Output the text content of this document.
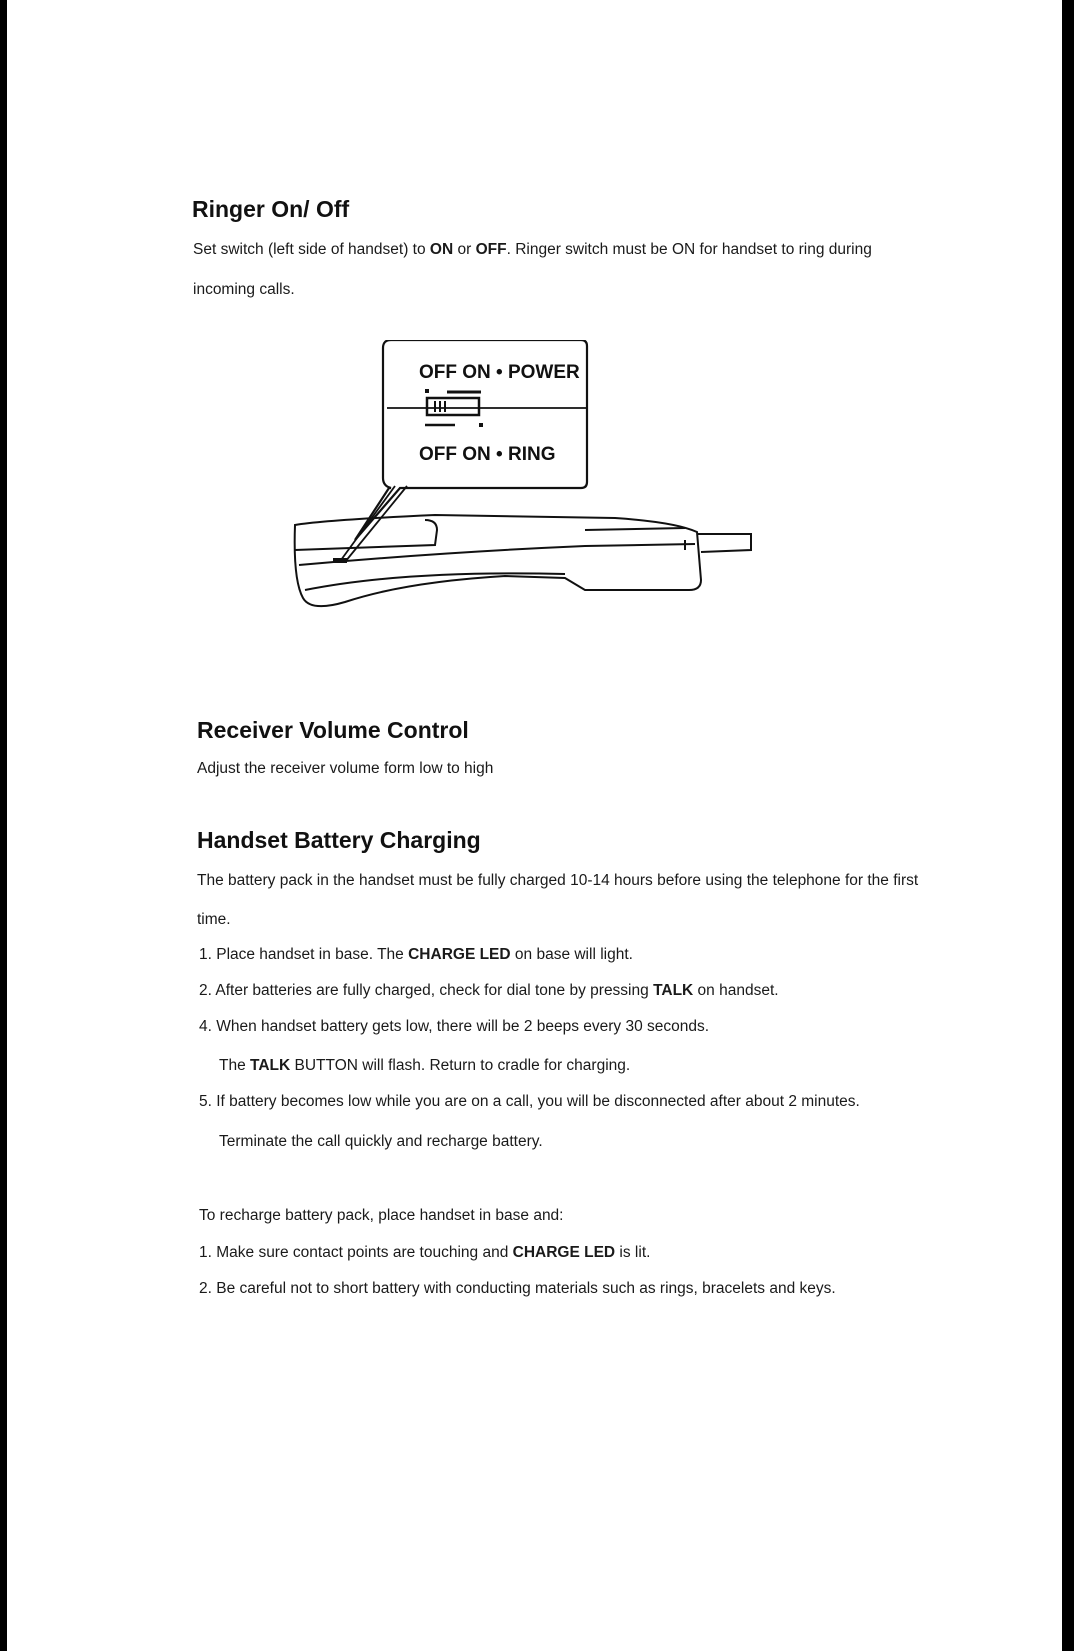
Ringer On/ Off

Set switch (left side of handset) to ON or OFF. Ringer switch must be ON for handset to ring during

incoming calls.

OFF ON • POWER
OFF ON • RING
Receiver Volume Control

Adjust the receiver volume form low to high

Handset Battery Charging

The battery pack in the handset must be fully charged 10-14 hours before using the telephone for the first

time.

1. Place handset in base. The CHARGE LED on base will light.

2. After batteries are fully charged, check for dial tone by pressing TALK on handset.

4. When handset battery gets low, there will be 2 beeps every 30 seconds.

The TALK BUTTON will flash. Return to cradle for charging.

5. If battery becomes low while you are on a call, you will be disconnected after about 2 minutes.

Terminate the call quickly and recharge battery.

To recharge battery pack, place handset in base and:

1. Make sure contact points are touching and CHARGE LED is lit.

2. Be careful not to short battery with conducting materials such as rings, bracelets and keys.
